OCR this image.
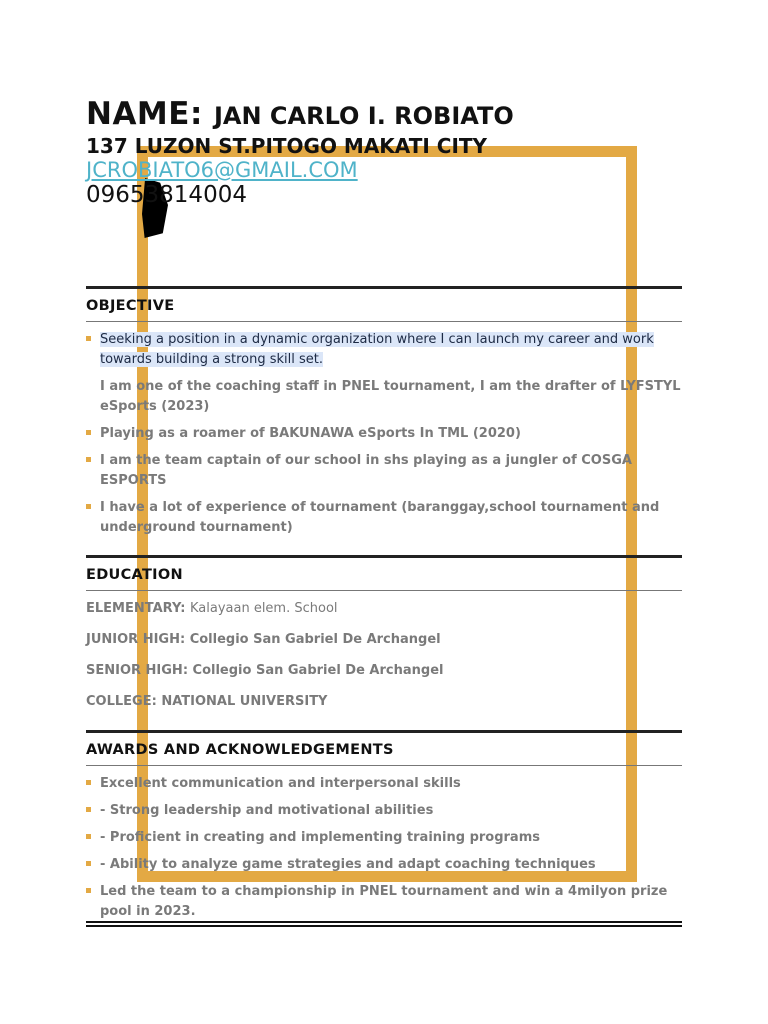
NAME: JAN CARLO I. ROBIATO
137 LUZON ST.PITOGO MAKATI CITY
JCROBIATO6@GMAIL.COM
09653814004
OBJECTIVE
Seeking a position in a dynamic organization where I can launch my career and work towards building a strong skill set.
I am one of the coaching staff in PNEL tournament, I am the drafter of LYFSTYL eSports (2023)
Playing as a roamer of BAKUNAWA eSports In TML (2020)
I am the team captain of our school in shs playing as a jungler of COSGA ESPORTS
I have a lot of experience of tournament (baranggay,school tournament and underground tournament)
EDUCATION
ELEMENTARY: Kalayaan elem. School
JUNIOR HIGH: Collegio San Gabriel De Archangel
SENIOR HIGH: Collegio San Gabriel De Archangel
COLLEGE: NATIONAL UNIVERSITY
AWARDS AND ACKNOWLEDGEMENTS
Excellent communication and interpersonal skills
- Strong leadership and motivational abilities
- Proficient in creating and implementing training programs
- Ability to analyze game strategies and adapt coaching techniques
Led the team to a championship in PNEL tournament and win a 4milyon prize pool in 2023.
